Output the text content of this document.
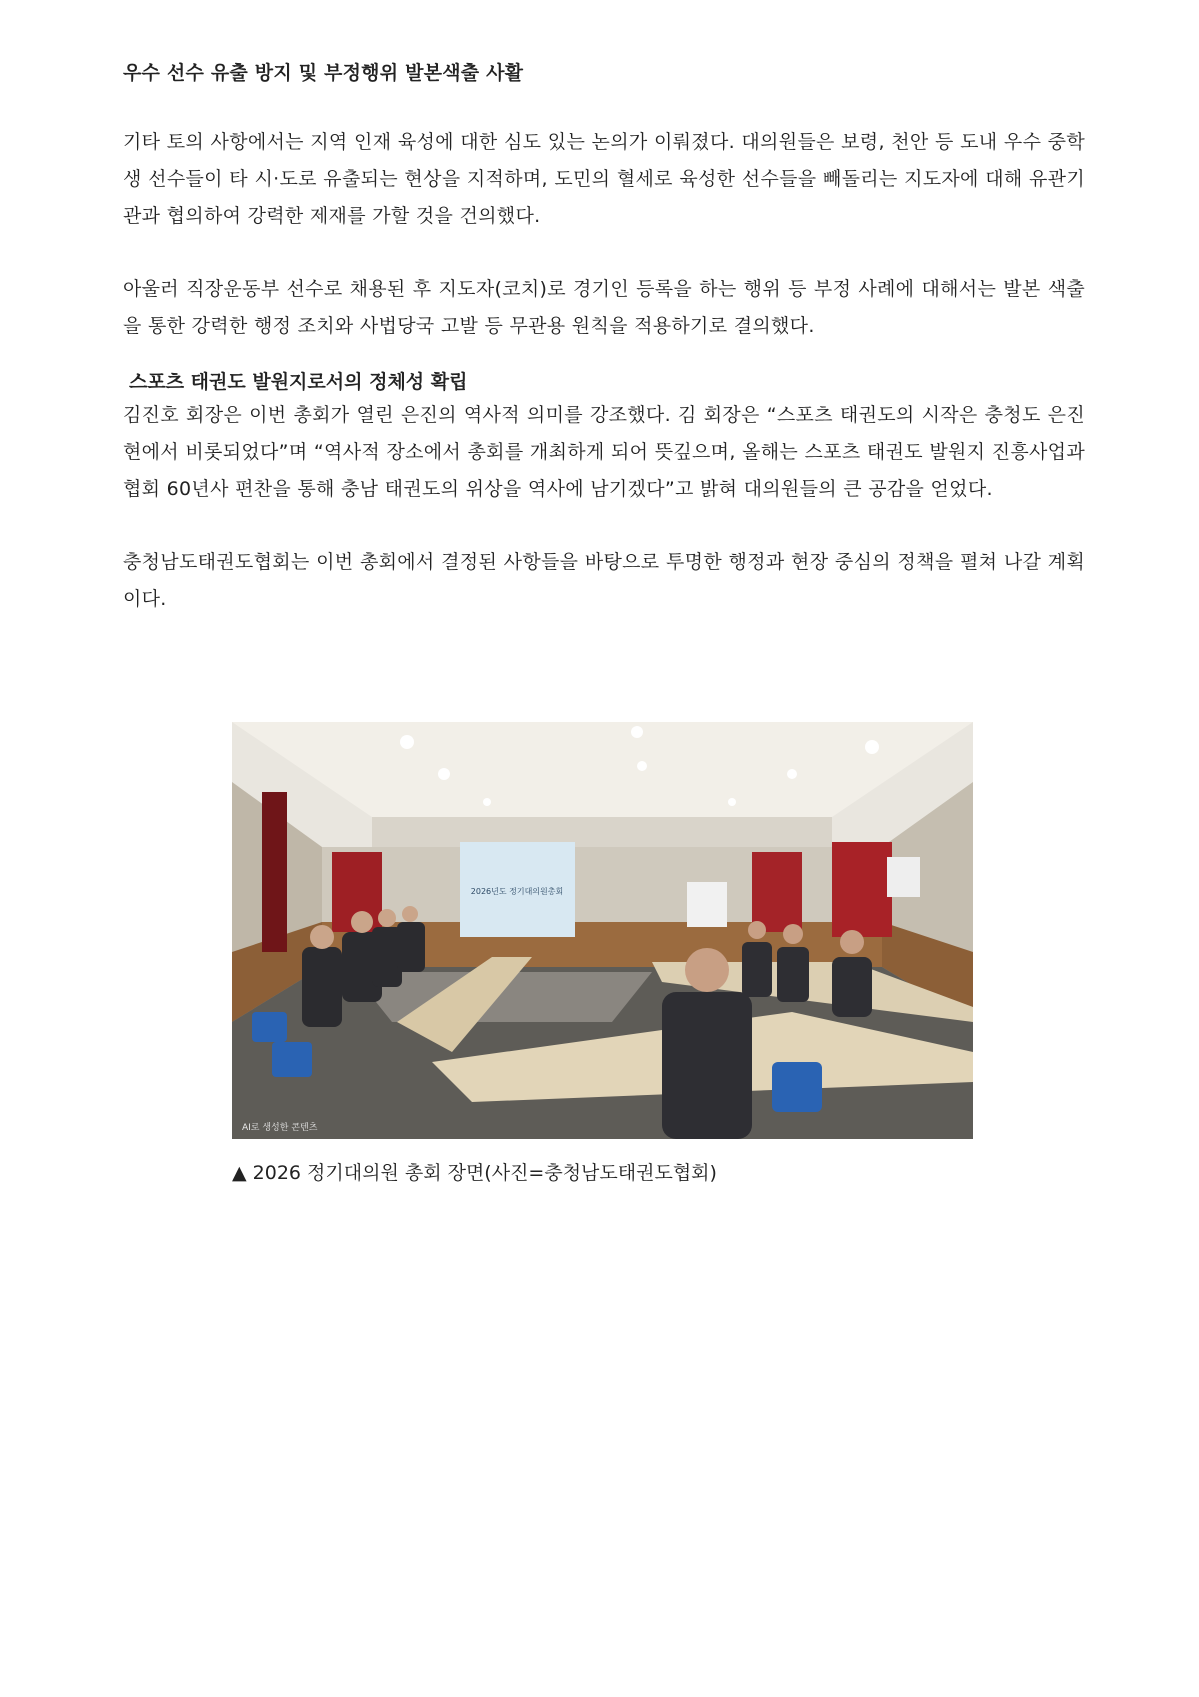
우수 선수 유출 방지 및 부정행위 발본색출 사활

기타 토의 사항에서는 지역 인재 육성에 대한 심도 있는 논의가 이뤄졌다. 대의원들은 보령, 천안 등 도내 우수 중학생 선수들이 타 시·도로 유출되는 현상을 지적하며, 도민의 혈세로 육성한 선수들을 빼돌리는 지도자에 대해 유관기관과 협의하여 강력한 제재를 가할 것을 건의했다.

아울러 직장운동부 선수로 채용된 후 지도자(코치)로 경기인 등록을 하는 행위 등 부정 사례에 대해서는 발본 색출을 통한 강력한 행정 조치와 사법당국 고발 등 무관용 원칙을 적용하기로 결의했다.

스포츠 태권도 발원지로서의 정체성 확립

김진호 회장은 이번 총회가 열린 은진의 역사적 의미를 강조했다. 김 회장은 “스포츠 태권도의 시작은 충청도 은진현에서 비롯되었다”며 “역사적 장소에서 총회를 개최하게 되어 뜻깊으며, 올해는 스포츠 태권도 발원지 진흥사업과 협회 60년사 편찬을 통해 충남 태권도의 위상을 역사에 남기겠다”고 밝혀 대의원들의 큰 공감을 얻었다.

충청남도태권도협회는 이번 총회에서 결정된 사항들을 바탕으로 투명한 행정과 현장 중심의 정책을 펼쳐 나갈 계획이다.

2026년도 정기대의원총회
AI로 생성한 콘텐츠
▲ 2026 정기대의원 총회 장면(사진=충청남도태권도협회)
